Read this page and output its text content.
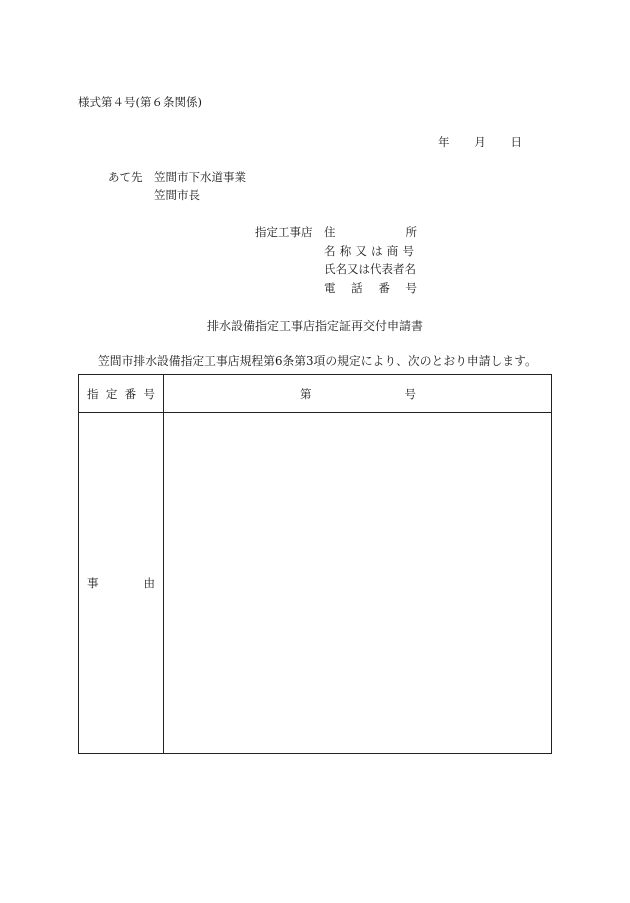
様式第４号(第６条関係)
年 月 日
あて先 笠間市下水道事業
笠間市長
指定工事店 住	所
名称又は商号
氏名又は代表者名
電 話 番 号
排水設備指定工事店指定証再交付申請書
笠間市排水設備指定工事店規程第6条第3項の規定により、次のとおり申請します。
指 定 番 号	第 号

事 由	
